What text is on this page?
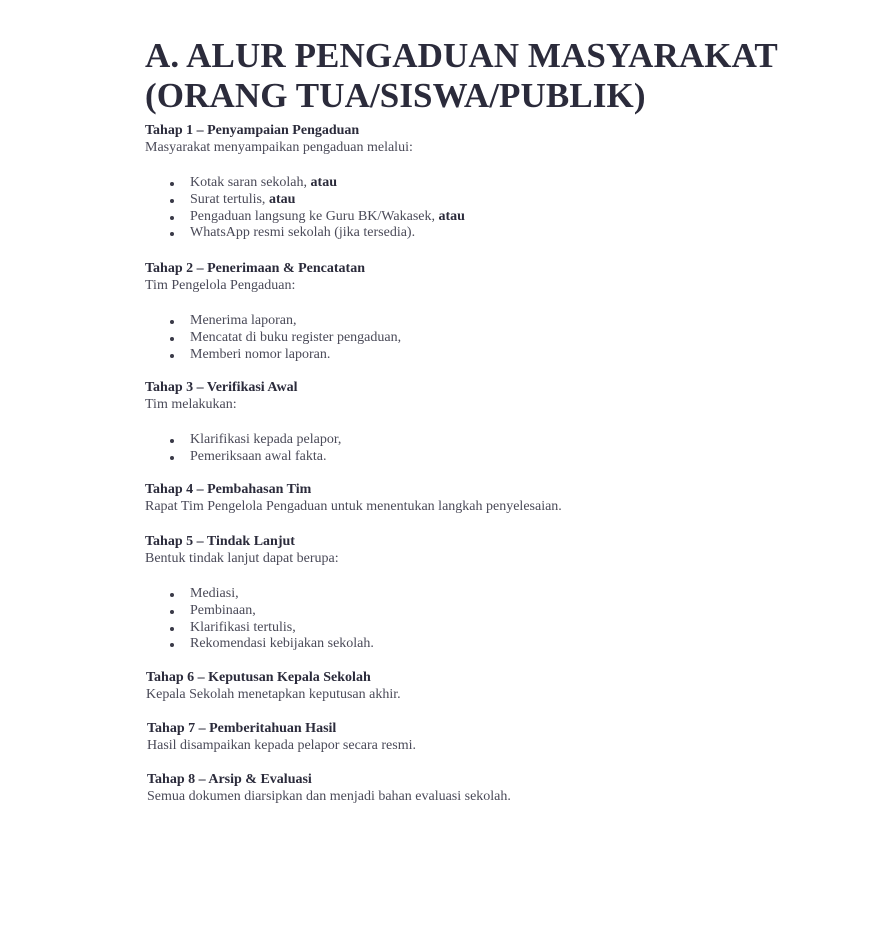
A. ALUR PENGADUAN MASYARAKAT
(ORANG TUA/SISWA/PUBLIK)
Tahap 1 – Penyampaian Pengaduan

Masyarakat menyampaikan pengaduan melalui:

Kotak saran sekolah, atau
Surat tertulis, atau
Pengaduan langsung ke Guru BK/Wakasek, atau
WhatsApp resmi sekolah (jika tersedia).
Tahap 2 – Penerimaan & Pencatatan

Tim Pengelola Pengaduan:

Menerima laporan,
Mencatat di buku register pengaduan,
Memberi nomor laporan.
Tahap 3 – Verifikasi Awal

Tim melakukan:

Klarifikasi kepada pelapor,
Pemeriksaan awal fakta.
Tahap 4 – Pembahasan Tim

Rapat Tim Pengelola Pengaduan untuk menentukan langkah penyelesaian.

Tahap 5 – Tindak Lanjut

Bentuk tindak lanjut dapat berupa:

Mediasi,
Pembinaan,
Klarifikasi tertulis,
Rekomendasi kebijakan sekolah.
Tahap 6 – Keputusan Kepala Sekolah

Kepala Sekolah menetapkan keputusan akhir.

Tahap 7 – Pemberitahuan Hasil

Hasil disampaikan kepada pelapor secara resmi.

Tahap 8 – Arsip & Evaluasi

Semua dokumen diarsipkan dan menjadi bahan evaluasi sekolah.
